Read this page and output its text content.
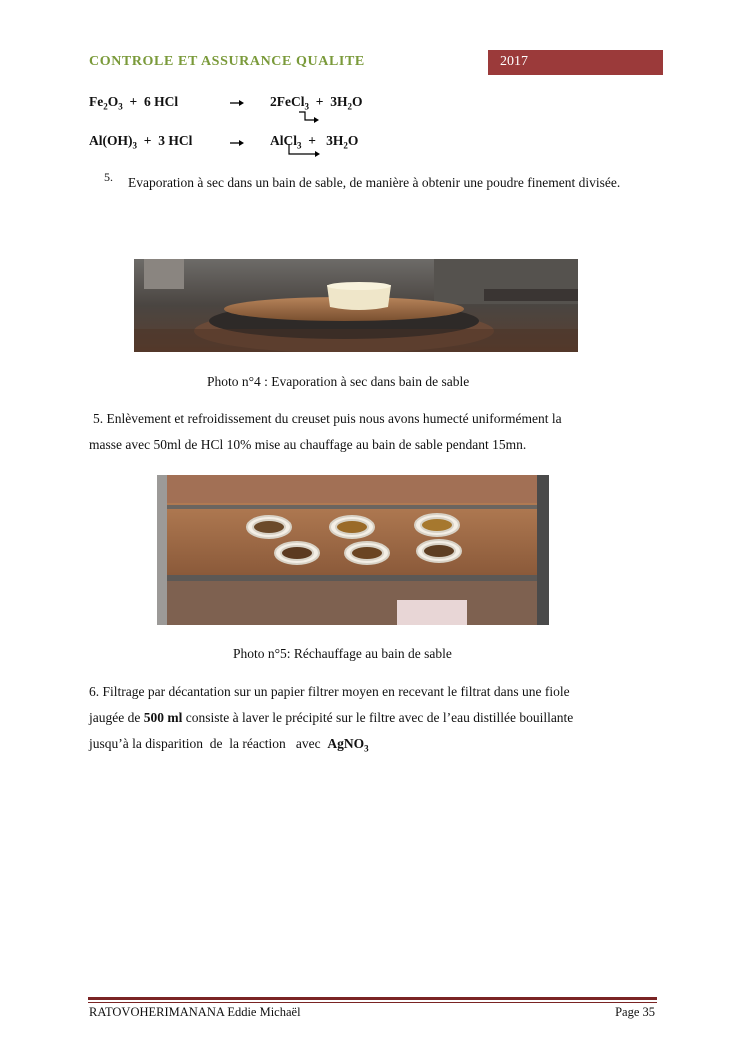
CONTROLE ET ASSURANCE QUALITE	2017
$Fe_2O_3 + 6$ HCl	2FeCl$_3$  +  $3H_2O$
$Al(OH)_3 + 3$ HCl	AlCl$_3$  +   $3H_2O$
5. Evaporation à sec dans un bain de sable, de manière à obtenir une poudre finement divisée.
Photo n°4 : Evaporation à sec dans bain de sable
5. Enlèvement et refroidissement du creuset puis nous avons humecté uniformément la
masse avec 50ml de HCl 10% mise au chauffage au bain de sable pendant 15mn.
Photo n°5: Réchauffage au bain de sable
6. Filtrage par décantation sur un papier filtrer moyen en recevant le filtrat dans une fiole
jaugée de 500 ml consiste à laver le précipité sur le filtre avec de l’eau distillée bouillante
jusqu’à la disparition  de  la réaction   avec  AgNO$_3$
RATOVOHERIMANANA Eddie Michaël	Page 35
